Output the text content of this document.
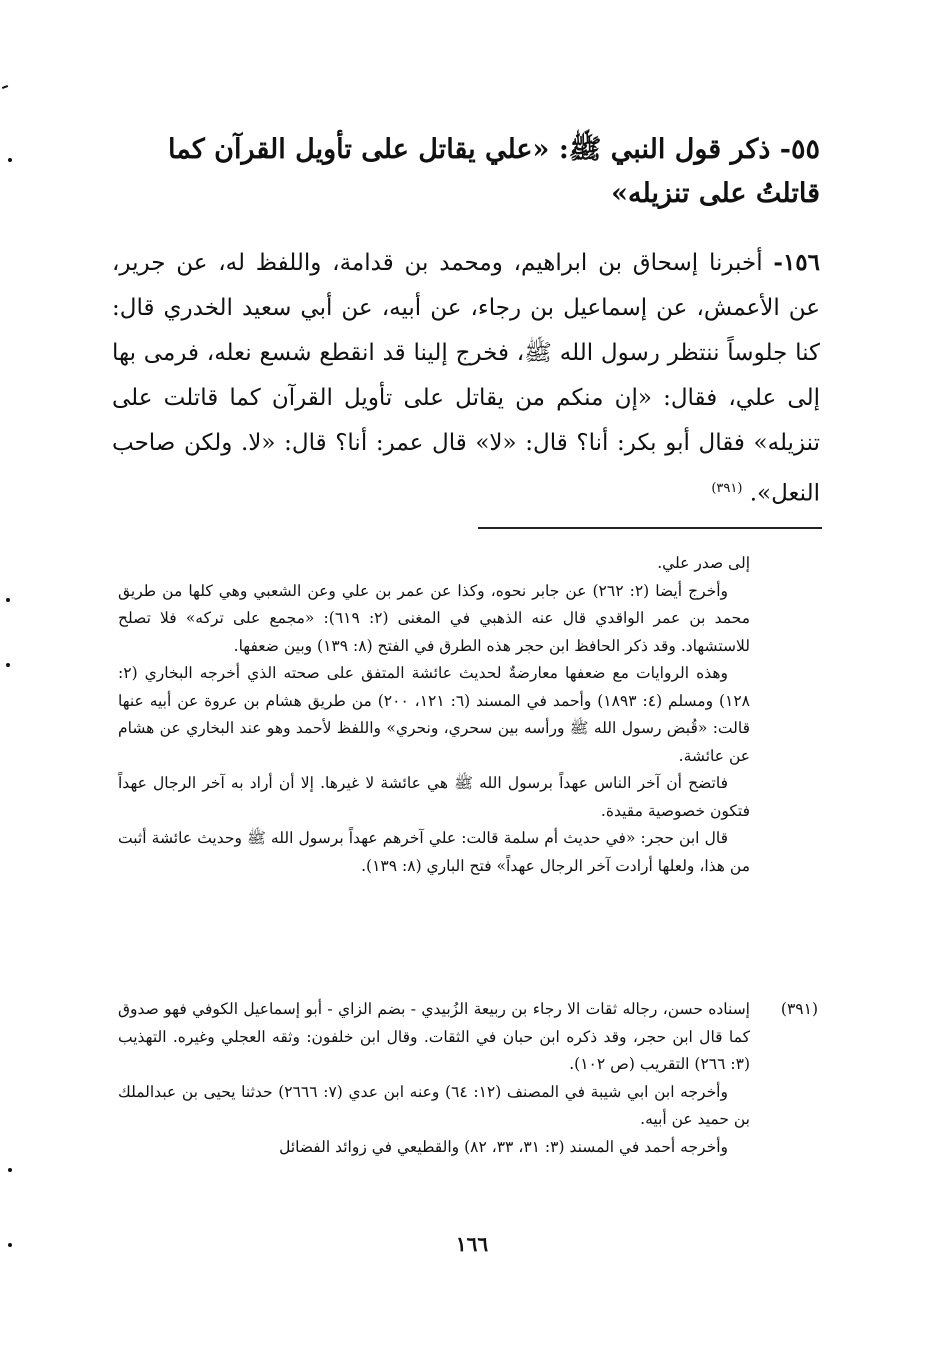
٥٥- ذكر قول النبي ﷺ: «علي يقاتل على تأويل القرآن كما قاتلتُ على تنزيله»
١٥٦- أخبرنا إسحاق بن ابراهيم، ومحمد بن قدامة، واللفظ له، عن جرير، عن الأعمش، عن إسماعيل بن رجاء، عن أبيه، عن أبي سعيد الخدري قال: كنا جلوساً ننتظر رسول الله ﷺ، فخرج إلينا قد انقطع شسع نعله، فرمى بها إلى علي، فقال: «إن منكم من يقاتل على تأويل القرآن كما قاتلت على تنزيله» فقال أبو بكر: أنا؟ قال: «لا» قال عمر: أنا؟ قال: «لا. ولكن صاحب النعل». $^{(٣٩١)}$

إلى صدر علي.

وأخرج أيضا (٢: ٢٦٢) عن جابر نحوه، وكذا عن عمر بن علي وعن الشعبي وهي كلها من طريق محمد بن عمر الواقدي قال عنه الذهبي في المغنى (٢: ٦١٩): «مجمع على تركه» فلا تصلح للاستشهاد. وقد ذكر الحافظ ابن حجر هذه الطرق في الفتح (٨: ١٣٩) وبين ضعفها.

وهذه الروايات مع ضعفها معارضةٌ لحديث عائشة المتفق على صحته الذي أخرجه البخاري (٢: ١٢٨) ومسلم (٤: ١٨٩٣) وأحمد في المسند (٦: ١٢١، ٢٠٠) من طريق هشام بن عروة عن أبيه عنها قالت: «قُبض رسول الله ﷺ ورأسه بين سحري، ونحري» واللفظ لأحمد وهو عند البخاري عن هشام عن عائشة.

فاتضح أن آخر الناس عهداً برسول الله ﷺ هي عائشة لا غيرها. إلا أن أراد به آخر الرجال عهداً فتكون خصوصية مقيدة.

قال ابن حجر: «في حديث أم سلمة قالت: علي آخرهم عهداً برسول الله ﷺ وحديث عائشة أثبت من هذا، ولعلها أرادت آخر الرجال عهداً» فتح الباري (٨: ١٣٩).

(٣٩١)

إسناده حسن، رجاله ثقات الا رجاء بن ربيعة الزُبيدي - بضم الزاي - أبو إسماعيل الكوفي فهو صدوق كما قال ابن حجر، وقد ذكره ابن حبان في الثقات. وقال ابن خلفون: وثقه العجلي وغيره. التهذيب (٣: ٢٦٦) التقريب (ص ١٠٢).

وأخرجه ابن ابي شيبة في المصنف (١٢: ٦٤) وعنه ابن عدي (٧: ٢٦٦٦) حدثنا يحيى بن عبدالملك بن حميد عن أبيه.

وأخرجه أحمد في المسند (٣: ٣١، ٣٣، ٨٢) والقطيعي في زوائد الفضائل

١٦٦
